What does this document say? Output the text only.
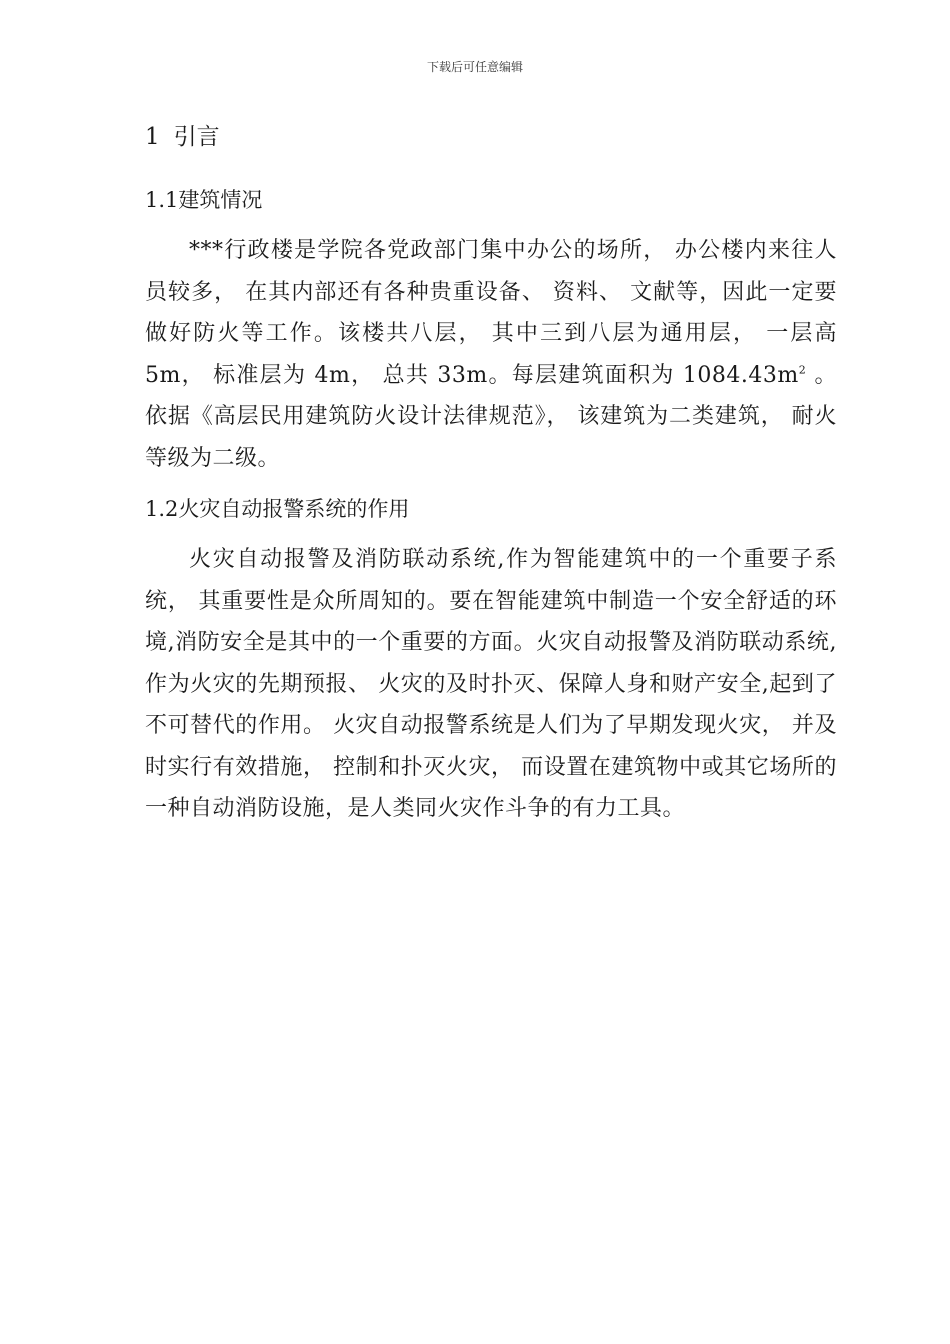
下载后可任意编辑
1 引言
1.1建筑情况

***行政楼是学院各党政部门集中办公的场所， 办公楼内来往人员较多， 在其内部还有各种贵重设备、 资料、 文献等，因此一定要做好防火等工作。该楼共八层， 其中三到八层为通用层， 一层高 5m， 标准层为 4m， 总共 33m。每层建筑面积为 $1084.43m^2$ 。依据《高层民用建筑防火设计法律规范》， 该建筑为二类建筑， 耐火等级为二级。

1.2火灾自动报警系统的作用

火灾自动报警及消防联动系统,作为智能建筑中的一个重要子系统， 其重要性是众所周知的。要在智能建筑中制造一个安全舒适的环境,消防安全是其中的一个重要的方面。火灾自动报警及消防联动系统,作为火灾的先期预报、 火灾的及时扑灭、保障人身和财产安全,起到了不可替代的作用。 火灾自动报警系统是人们为了早期发现火灾， 并及时实行有效措施， 控制和扑灭火灾， 而设置在建筑物中或其它场所的一种自动消防设施，是人类同火灾作斗争的有力工具。
